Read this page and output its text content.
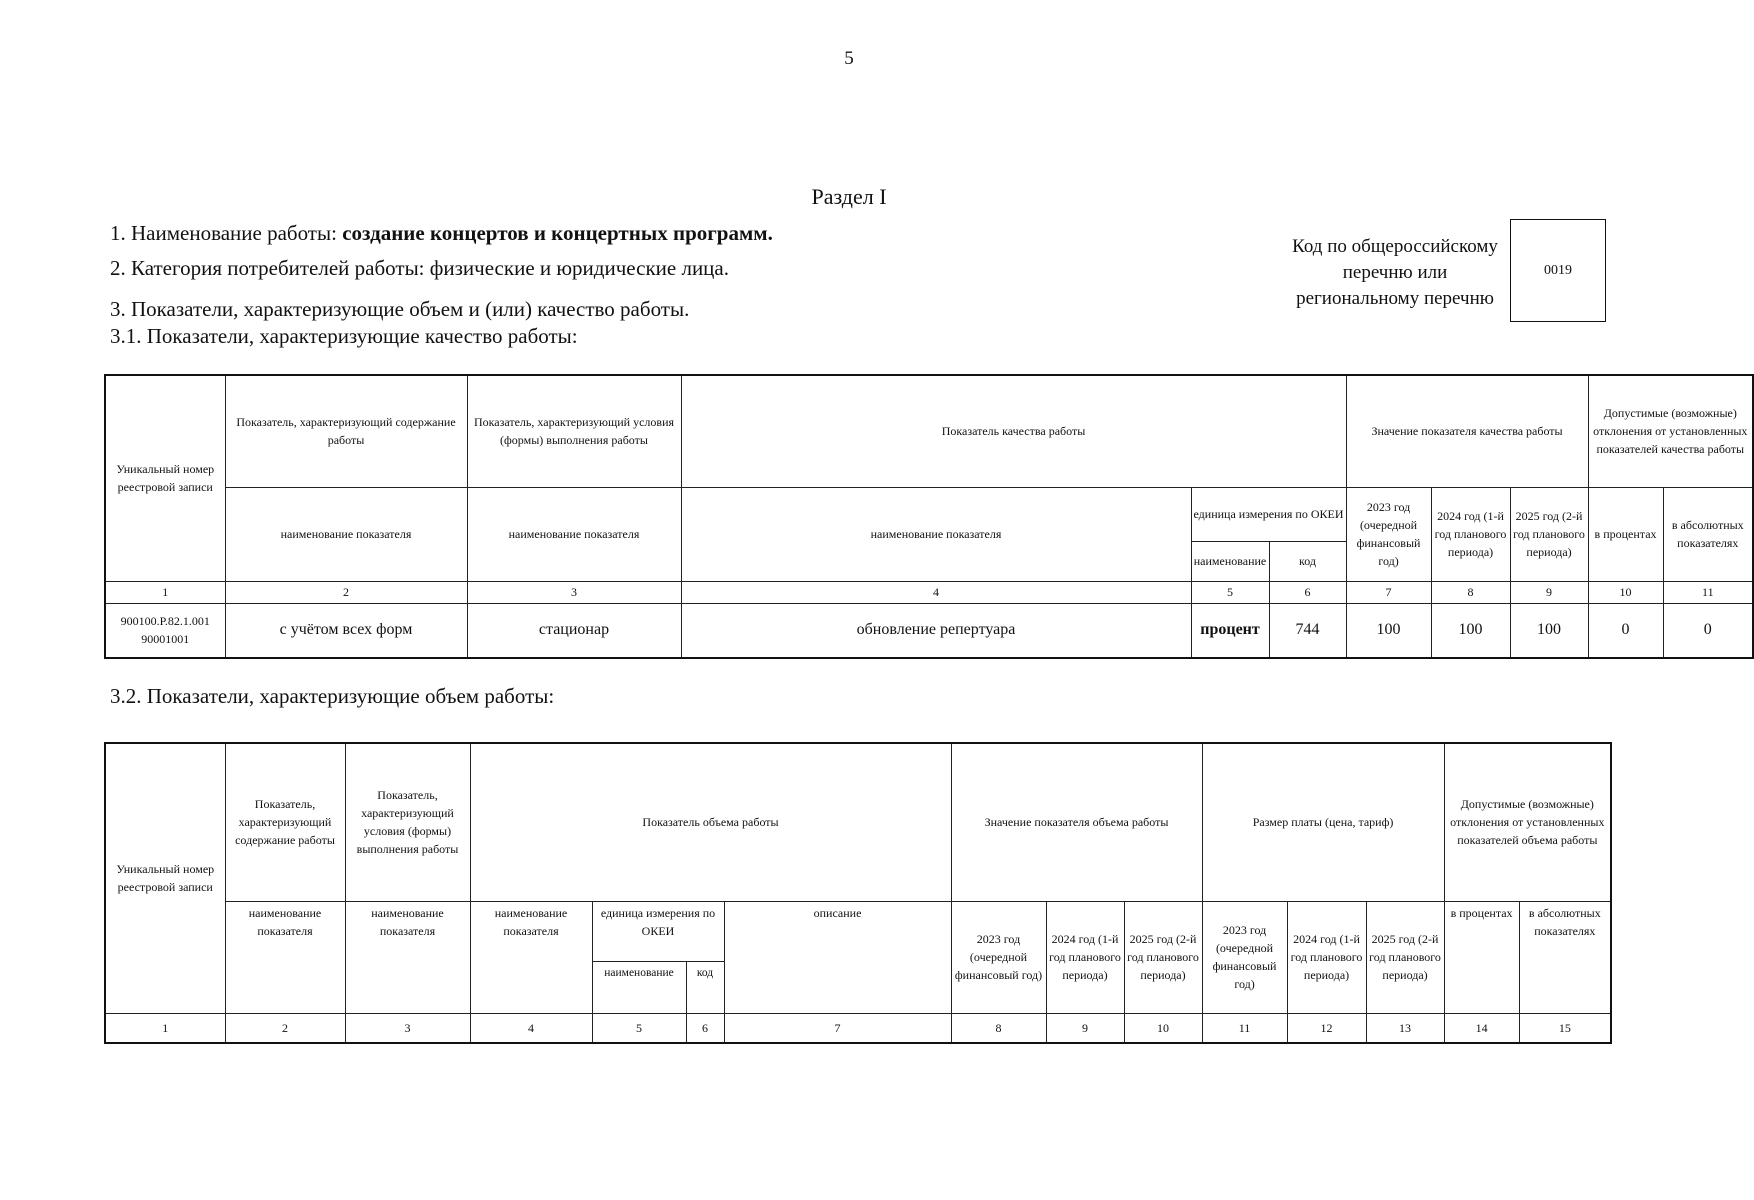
5
Раздел I
1. Наименование работы: создание концертов и концертных программ.
2. Категория потребителей работы: физические и юридические лица.
3. Показатели, характеризующие объем и (или) качество работы.
3.1. Показатели, характеризующие качество работы:
Код по общероссийскому
перечню или
региональному перечню
0019
Уникальный номер реестровой записи	Показатель, характеризующий содержание работы	Показатель, характеризующий условия (формы) выполнения работы	Показатель качества работы			Значение показателя качества работы			Допустимые (возможные) отклонения от установленных показателей качества работы	
	наименование показателя	наименование показателя	наименование показателя	единица измерения по ОКЕИ		2023 год (очередной финансовый год)	2024 год (1-й год планового периода)	2025 год (2-й год планового периода)	в процентах	в абсолютных показателях
				наименование	код					
1	2	3	4	5	6	7	8	9	10	11
900100.Р.82.1.001 90001001	с учётом всех форм	стационар	обновление репертуара	процент	744	100	100	100	0	0
3.2. Показатели, характеризующие объем работы:
Уникальный номер реестровой записи	Показатель, характеризующий содержание работы	Показатель, характеризующий условия (формы) выполнения работы	Показатель объема работы				Значение показателя объема работы			Размер платы (цена, тариф)			Допустимые (возможные) отклонения от установленных показателей объема работы	
	наименование показателя	наименование показателя	наименование показателя	единица измерения по ОКЕИ		описание	2023 год (очередной финансовый год)	2024 год (1-й год планового периода)	2025 год (2-й год планового периода)	2023 год (очередной финансовый год)	2024 год (1-й год планового периода)	2025 год (2-й год планового периода)	в процентах	в абсолютных показателях
				наименование	код									
1	2	3	4	5	6	7	8	9	10	11	12	13	14	15
